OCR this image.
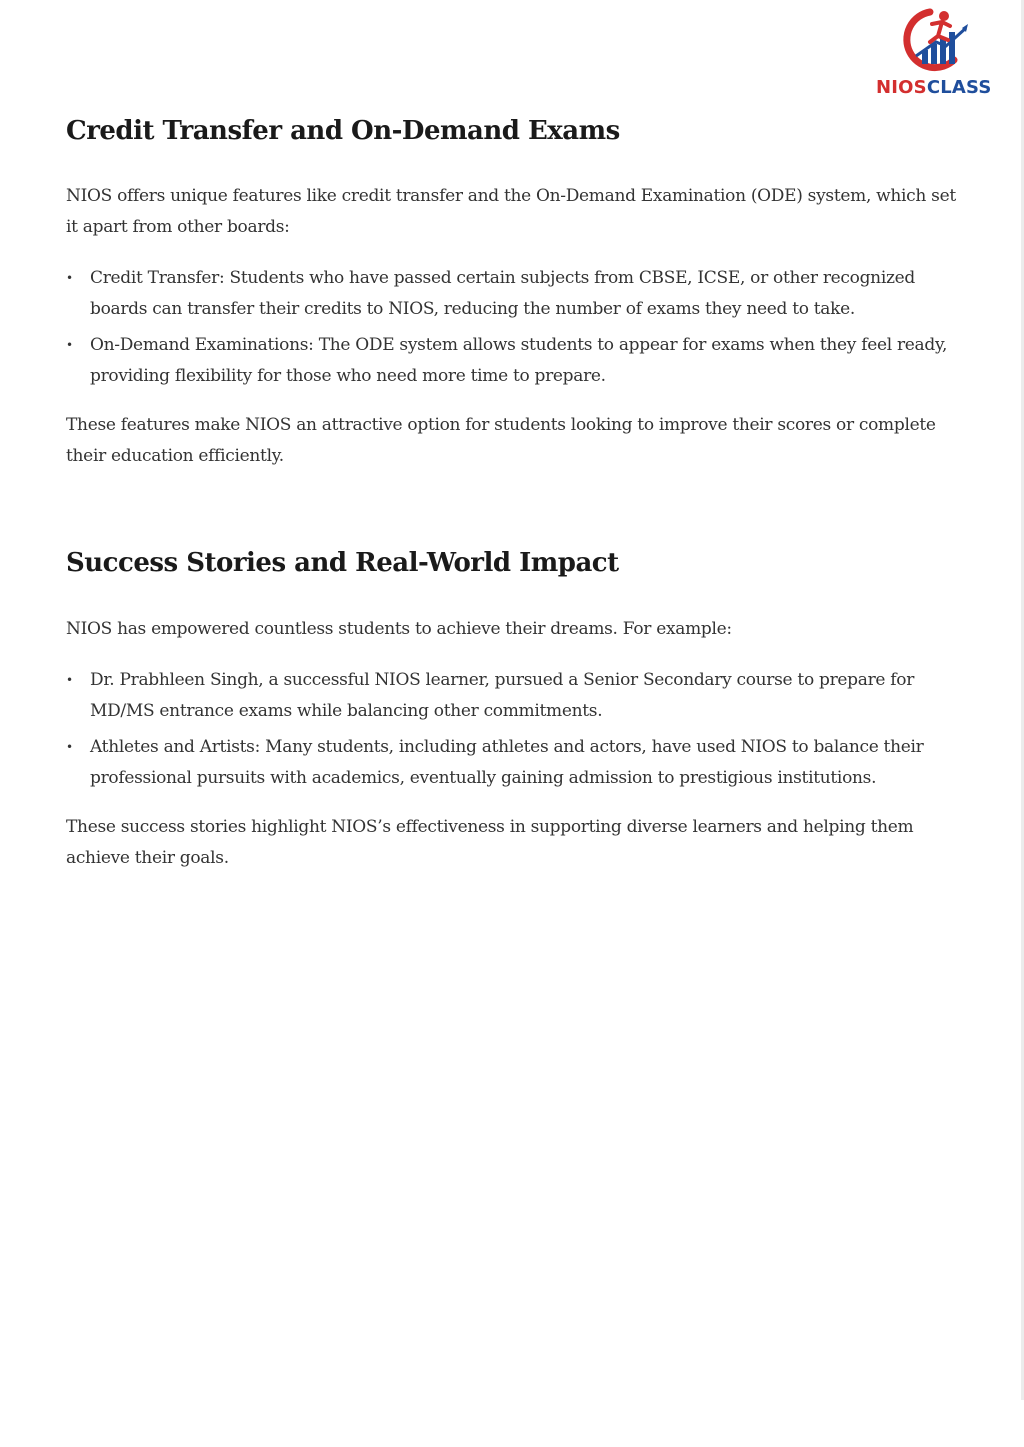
NIOSCLASS
Credit Transfer and On-Demand Exams

NIOS offers unique features like credit transfer and the On-Demand Examination (ODE) system, which set it apart from other boards:

• Credit Transfer: Students who have passed certain subjects from CBSE, ICSE, or other recognized boards can transfer their credits to NIOS, reducing the number of exams they need to take.
• On-Demand Examinations: The ODE system allows students to appear for exams when they feel ready, providing flexibility for those who need more time to prepare.

These features make NIOS an attractive option for students looking to improve their scores or complete their education efficiently.

Success Stories and Real-World Impact

NIOS has empowered countless students to achieve their dreams. For example:

• Dr. Prabhleen Singh, a successful NIOS learner, pursued a Senior Secondary course to prepare for MD/MS entrance exams while balancing other commitments.
• Athletes and Artists: Many students, including athletes and actors, have used NIOS to balance their professional pursuits with academics, eventually gaining admission to prestigious institutions.

These success stories highlight NIOS’s effectiveness in supporting diverse learners and helping them achieve their goals.
